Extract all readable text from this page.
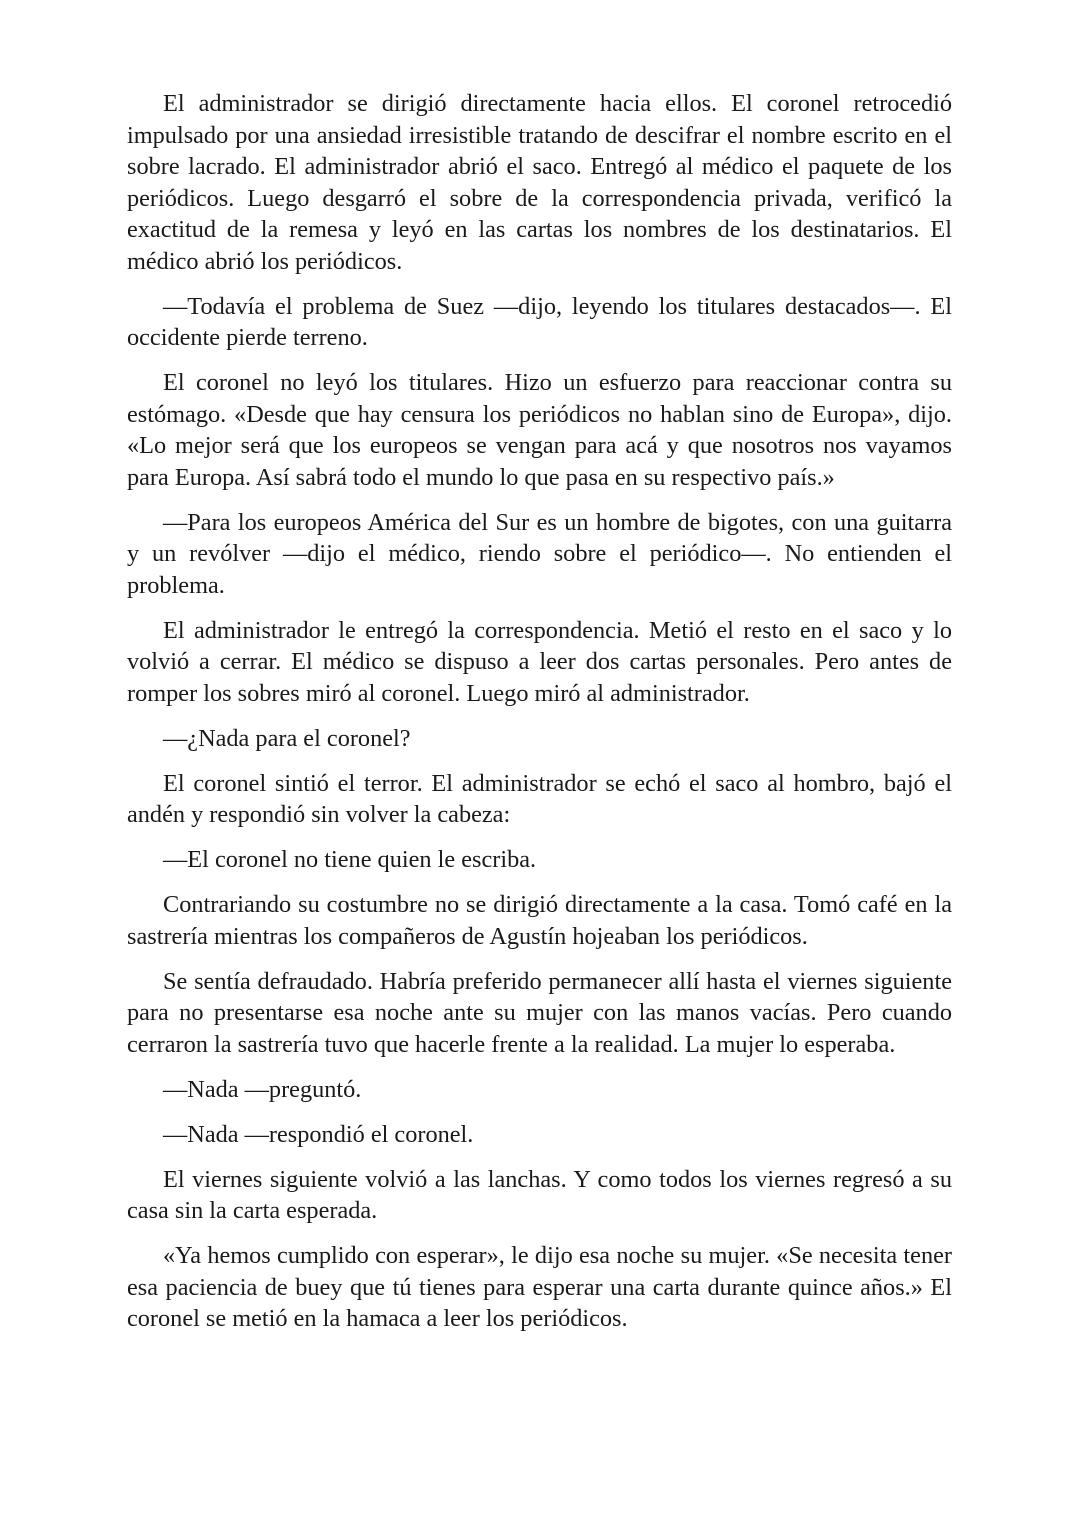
El administrador se dirigió directamente hacia ellos. El coronel retrocedió impulsado por una ansiedad irresistible tratando de descifrar el nombre escrito en el sobre lacrado. El administrador abrió el saco. Entregó al médico el paquete de los periódicos. Luego desgarró el sobre de la correspondencia privada, verificó la exactitud de la remesa y leyó en las cartas los nombres de los destinatarios. El médico abrió los periódicos.

—Todavía el problema de Suez —dijo, leyendo los titulares destacados—. El occidente pierde terreno.

El coronel no leyó los titulares. Hizo un esfuerzo para reaccionar contra su estómago. «Desde que hay censura los periódicos no hablan sino de Europa», dijo. «Lo mejor será que los europeos se vengan para acá y que nosotros nos vayamos para Europa. Así sabrá todo el mundo lo que pasa en su respectivo país.»

—Para los europeos América del Sur es un hombre de bigotes, con una guitarra y un revólver —dijo el médico, riendo sobre el periódico—. No entienden el problema.

El administrador le entregó la correspondencia. Metió el resto en el saco y lo volvió a cerrar. El médico se dispuso a leer dos cartas personales. Pero antes de romper los sobres miró al coronel. Luego miró al administrador.

—¿Nada para el coronel?

El coronel sintió el terror. El administrador se echó el saco al hombro, bajó el andén y respondió sin volver la cabeza:

—El coronel no tiene quien le escriba.

Contrariando su costumbre no se dirigió directamente a la casa. Tomó café en la sastrería mientras los compañeros de Agustín hojeaban los periódicos.

Se sentía defraudado. Habría preferido permanecer allí hasta el viernes siguiente para no presentarse esa noche ante su mujer con las manos vacías. Pero cuando cerraron la sastrería tuvo que hacerle frente a la realidad. La mujer lo esperaba.

—Nada —preguntó.

—Nada —respondió el coronel.

El viernes siguiente volvió a las lanchas. Y como todos los viernes regresó a su casa sin la carta esperada.

«Ya hemos cumplido con esperar», le dijo esa noche su mujer. «Se necesita tener esa paciencia de buey que tú tienes para esperar una carta durante quince años.» El coronel se metió en la hamaca a leer los periódicos.
